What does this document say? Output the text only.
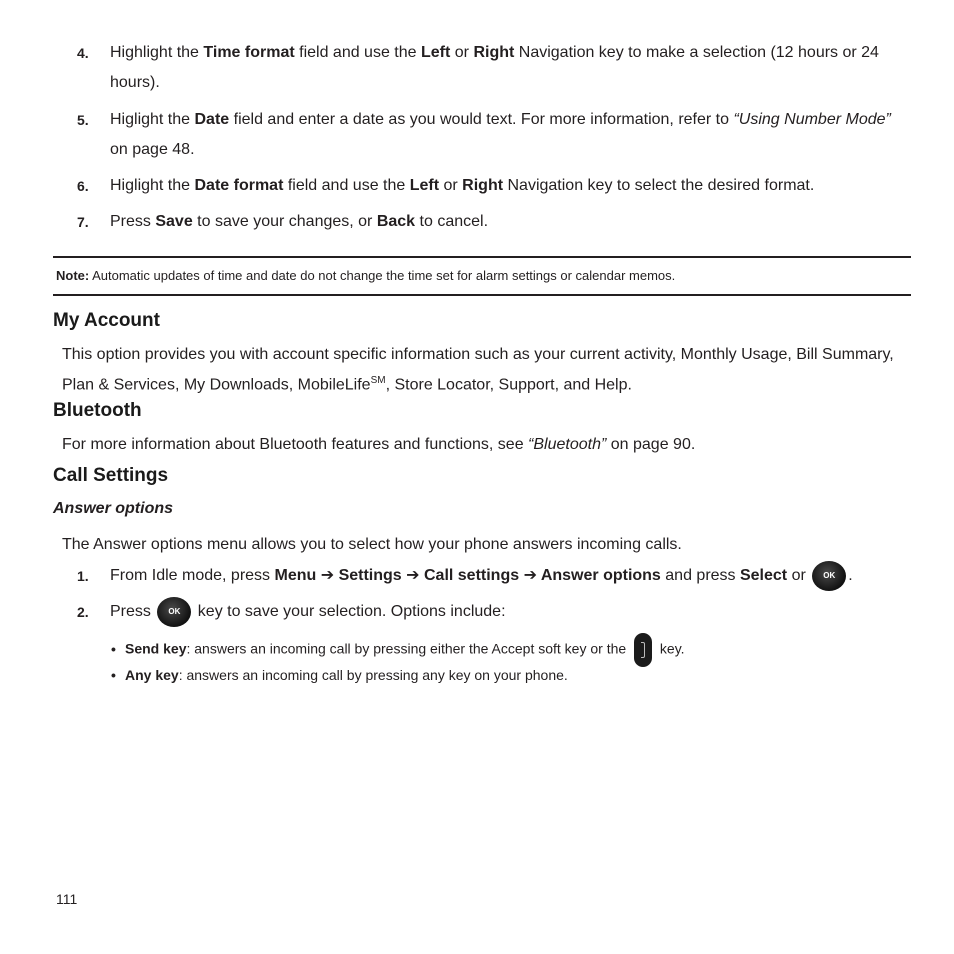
4. Highlight the Time format field and use the Left or Right Navigation key to make a selection (12 hours or 24 hours).
5. Higlight the Date field and enter a date as you would text. For more information, refer to “Using Number Mode” on page 48.
6. Higlight the Date format field and use the Left or Right Navigation key to select the desired format.
7. Press Save to save your changes, or Back to cancel.
Note: Automatic updates of time and date do not change the time set for alarm settings or calendar memos.
My Account
This option provides you with account specific information such as your current activity, Monthly Usage, Bill Summary, Plan & Services, My Downloads, MobileLife℠, Store Locator, Support, and Help.
Bluetooth
For more information about Bluetooth features and functions, see “Bluetooth” on page 90.
Call Settings
Answer options
The Answer options menu allows you to select how your phone answers incoming calls.
1. From Idle mode, press Menu ➔ Settings ➔ Call settings ➔ Answer options and press Select or OK .
2. Press OK key to save your selection. Options include:
• Send key: answers an incoming call by pressing either the Accept soft key or the  key.
• Any key: answers an incoming call by pressing any key on your phone.
111
